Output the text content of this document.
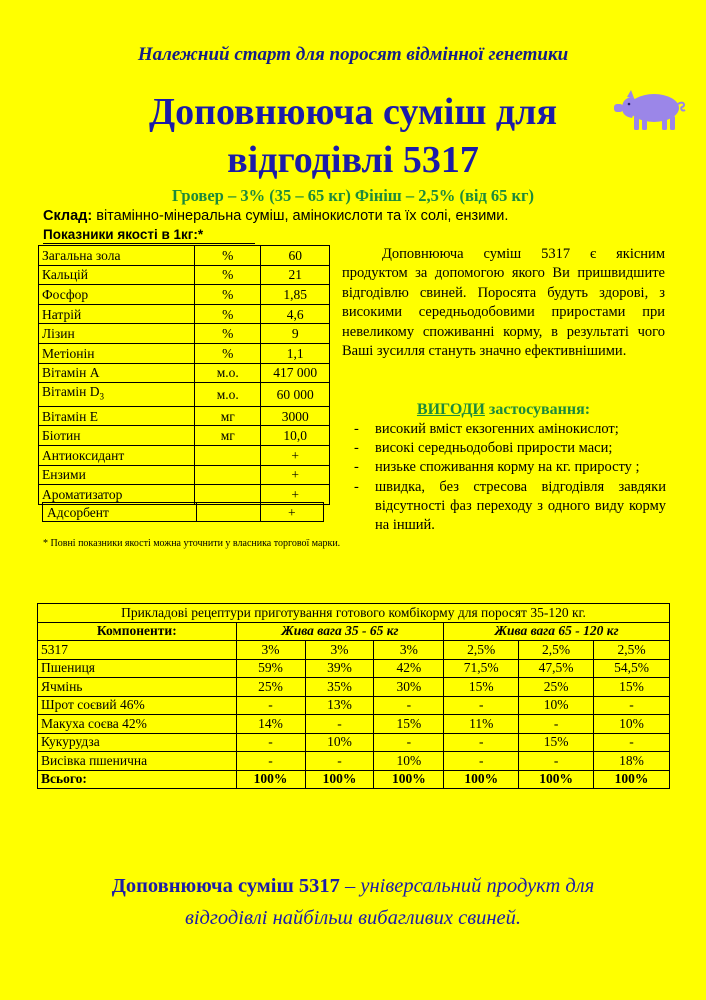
Належний старт для поросят відмінної генетики
Доповнююча суміш для
відгодівлі 5317
Гровер – 3% (35 – 65 кг) Фініш – 2,5% (від 65 кг)
Склад: вітамінно-мінеральна суміш, амінокислоти та їх солі, ензими.
Показники якості в 1кг:*
Загальна зола	%	60
Кальцій	%	21
Фосфор	%	1,85
Натрій	%	4,6
Лізин	%	9
Метіонін	%	1,1
Вітамін А	м.о.	417 000
Вітамін $D_3$	м.о.	60 000
Вітамін Е	мг	3000
Біотин	мг	10,0
Антиоксидант		+
Ензими		+
Ароматизатор		+
Адсорбент		+
* Повні показники якості можна уточнити у власника торгової марки.
Доповнююча суміш 5317 є якісним продуктом за допомогою якого Ви пришвидшите відгодівлю свиней. Поросята будуть здорові, з високими середньодобовими приростами при невеликому споживанні корму, в результаті чого Ваші зусилля стануть значно ефективнішими.
ВИГОДИ застосування:
- високий вміст екзогенних амінокислот;
- високі середньодобові прирости маси;
- низьке споживання корму на кг. приросту ;
- швидка, без стресова відгодівля завдяки відсутності фаз переходу з одного виду корму на інший.
Прикладові рецептури приготування готового комбікорму для поросят 35-120 кг.						
Компоненти:	Жива вага 35 - 65 кг			Жива вага 65 - 120 кг		
5317	3%	3%	3%	2,5%	2,5%	2,5%
Пшениця	59%	39%	42%	71,5%	47,5%	54,5%
Ячмінь	25%	35%	30%	15%	25%	15%
Шрот соєвий 46%	-	13%	-	-	10%	-
Макуха соєва 42%	14%	-	15%	11%	-	10%
Кукурудза	-	10%	-	-	15%	-
Висівка пшенична	-	-	10%	-	-	18%
Всього:	100%	100%	100%	100%	100%	100%
Доповнююча суміш 5317 – універсальний продукт для
відгодівлі найбільш вибагливих свиней.
